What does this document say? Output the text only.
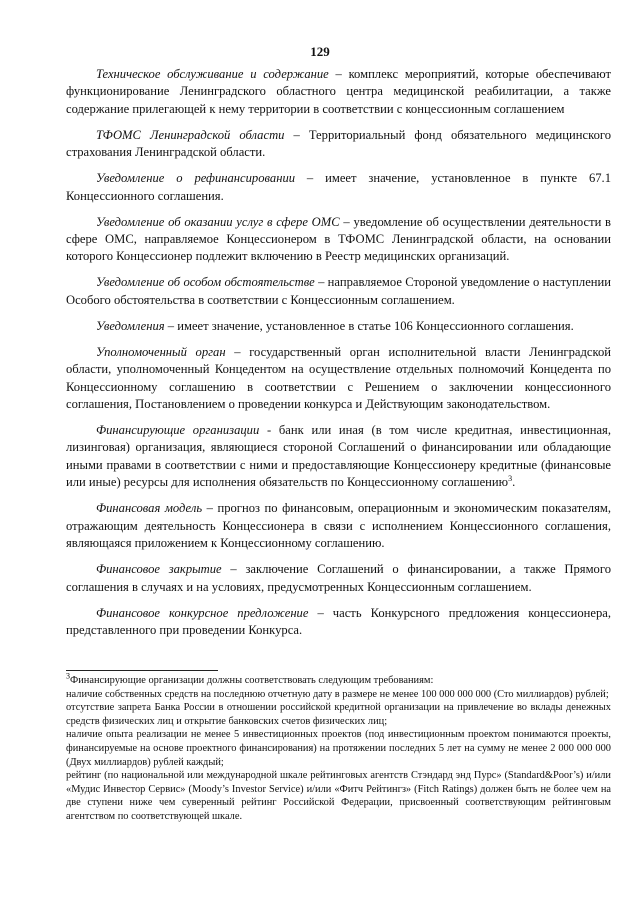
129

Техническое обслуживание и содержание – комплекс мероприятий, которые обеспечивают функционирование Ленинградского областного центра медицинской реабилитации, а также содержание прилегающей к нему территории в соответствии с концессионным соглашением

ТФОМС Ленинградской области – Территориальный фонд обязательного медицинского страхования Ленинградской области.

Уведомление о рефинансировании – имеет значение, установленное в пункте 67.1 Концессионного соглашения.

Уведомление об оказании услуг в сфере ОМС – уведомление об осуществлении деятельности в сфере ОМС, направляемое Концессионером в ТФОМС Ленинградской области, на основании которого Концессионер подлежит включению в Реестр медицинских организаций.

Уведомление об особом обстоятельстве – направляемое Стороной уведомление о наступлении Особого обстоятельства в соответствии с Концессионным соглашением.

Уведомления – имеет значение, установленное в статье 106 Концессионного соглашения.

Уполномоченный орган – государственный орган исполнительной власти Ленинградской области, уполномоченный Концедентом на осуществление отдельных полномочий Концедента по Концессионному соглашению в соответствии с Решением о заключении концессионного соглашения, Постановлением о проведении конкурса и Действующим законодательством.

Финансирующие организации - банк или иная (в том числе кредитная, инвестиционная, лизинговая) организация, являющиеся стороной Соглашений о финансировании или обладающие иными правами в соответствии с ними и предоставляющие Концессионеру кредитные (финансовые или иные) ресурсы для исполнения обязательств по Концессионному соглашению$^3$.

Финансовая модель – прогноз по финансовым, операционным и экономическим показателям, отражающим деятельность Концессионера в связи с исполнением Концессионного соглашения, являющаяся приложением к Концессионному соглашению.

Финансовое закрытие – заключение Соглашений о финансировании, а также Прямого соглашения в случаях и на условиях, предусмотренных Концессионным соглашением.

Финансовое конкурсное предложение – часть Конкурсного предложения концессионера, представленного при проведении Конкурса.

$^3$Финансирующие организации должны соответствовать следующим требованиям:

наличие собственных средств на последнюю отчетную дату в размере не менее 100 000 000 000 (Сто миллиардов) рублей;

отсутствие запрета Банка России в отношении российской кредитной организации на привлечение во вклады денежных средств физических лиц и открытие банковских счетов физических лиц;

наличие опыта реализации не менее 5 инвестиционных проектов (под инвестиционным проектом понимаются проекты, финансируемые на основе проектного финансирования) на протяжении последних 5 лет на сумму не менее 2 000 000 000 (Двух миллиардов) рублей каждый;

рейтинг (по национальной или международной шкале рейтинговых агентств Стэндард энд Пурс» (Standard&Poor’s) и/или «Мудис Инвестор Сервис» (Moody’s Investor Service) и/или «Фитч Рейтингз» (Fitch Ratings) должен быть не более чем на две ступени ниже чем суверенный рейтинг Российской Федерации, присвоенный соответствующим рейтинговым агентством по соответствующей шкале.
